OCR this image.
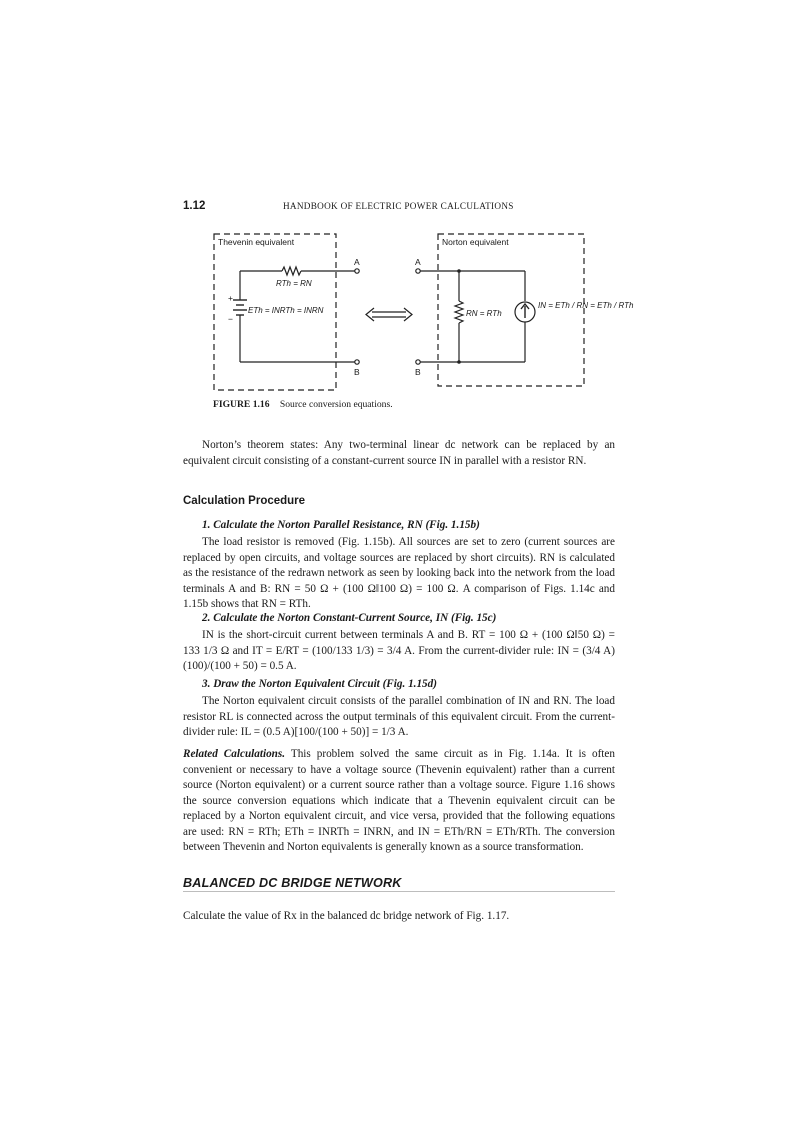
1.12	HANDBOOK OF ELECTRIC POWER CALCULATIONS
Thevenin equivalent
A
RTh = RN
+
−
ETh = INRTh = INRN
B
Norton equivalent
A
B
RN = RTh
IN = ETh / RN = ETh / RTh
FIGURE 1.16 Source conversion equations.
Norton’s theorem states: Any two-terminal linear dc network can be replaced by an equivalent circuit consisting of a constant-current source IN in parallel with a resistor RN.
Calculation Procedure
1. Calculate the Norton Parallel Resistance, RN (Fig. 1.15b)
The load resistor is removed (Fig. 1.15b). All sources are set to zero (current sources are replaced by open circuits, and voltage sources are replaced by short circuits). RN is calculated as the resistance of the redrawn network as seen by looking back into the network from the load terminals A and B: RN = 50 Ω + (100 Ω‖100 Ω) = 100 Ω. A comparison of Figs. 1.14c and 1.15b shows that RN = RTh.
2. Calculate the Norton Constant-Current Source, IN (Fig. 15c)
IN is the short-circuit current between terminals A and B. RT = 100 Ω + (100 Ω‖50 Ω) = 133 1/3 Ω and IT = E/RT = (100/133 1/3) = 3/4 A. From the current-divider rule: IN = (3/4 A) (100)/(100 + 50) = 0.5 A.
3. Draw the Norton Equivalent Circuit (Fig. 1.15d)
The Norton equivalent circuit consists of the parallel combination of IN and RN. The load resistor RL is connected across the output terminals of this equivalent circuit. From the current-divider rule: IL = (0.5 A)[100/(100 + 50)] = 1/3 A.
Related Calculations. This problem solved the same circuit as in Fig. 1.14a. It is often convenient or necessary to have a voltage source (Thevenin equivalent) rather than a current source (Norton equivalent) or a current source rather than a voltage source. Figure 1.16 shows the source conversion equations which indicate that a Thevenin equivalent circuit can be replaced by a Norton equivalent circuit, and vice versa, provided that the following equations are used: RN = RTh; ETh = INRTh = INRN, and IN = ETh/RN = ETh/RTh. The conversion between Thevenin and Norton equivalents is generally known as a source transformation.
BALANCED DC BRIDGE NETWORK
Calculate the value of Rx in the balanced dc bridge network of Fig. 1.17.
